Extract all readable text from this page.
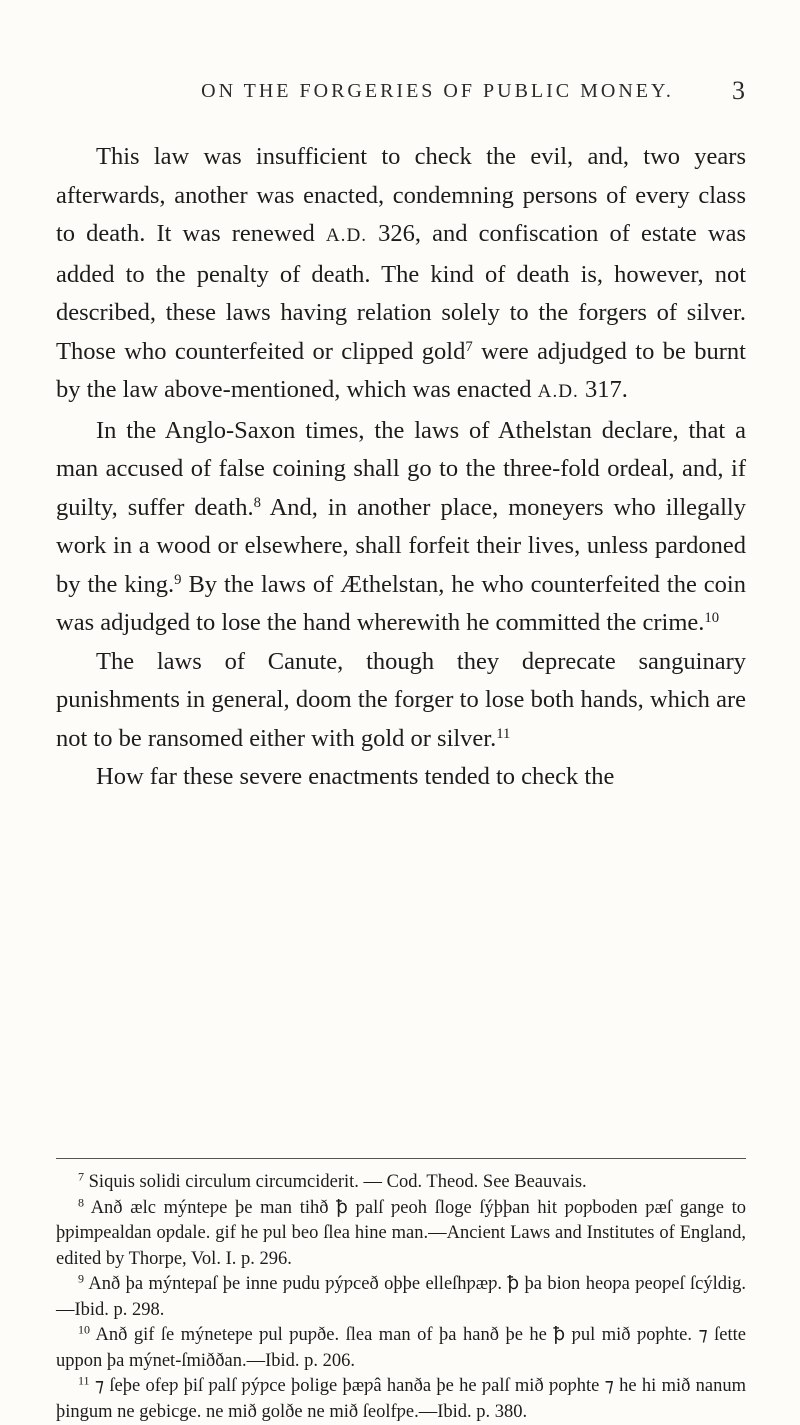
ON THE FORGERIES OF PUBLIC MONEY.	3

This law was insufficient to check the evil, and, two years afterwards, another was enacted, condemning persons of every class to death. It was renewed A.D. 326, and confiscation of estate was added to the penalty of death. The kind of death is, however, not described, these laws having relation solely to the forgers of silver. Those who counterfeited or clipped gold$^7$ were adjudged to be burnt by the law above-mentioned, which was enacted A.D. 317.

In the Anglo-Saxon times, the laws of Athelstan declare, that a man accused of false coining shall go to the three-fold ordeal, and, if guilty, suffer death.$^8$ And, in another place, moneyers who illegally work in a wood or elsewhere, shall forfeit their lives, unless pardoned by the king.$^9$ By the laws of Æthelstan, he who counterfeited the coin was adjudged to lose the hand wherewith he committed the crime.$^{10}$

The laws of Canute, though they deprecate sanguinary punishments in general, doom the forger to lose both hands, which are not to be ransomed either with gold or silver.$^{11}$

How far these severe enactments tended to check the

$^7$ Siquis solidi circulum circumciderit. — Cod. Theod. See Beauvais.

$^8$ Anð ælc mýnteƿe þe man tihð ꝥ ƿalſ ƿeoh ſloge ſýþþan hit ƿoƿboden ƿæſ gange to þƿimƿealdan oƿdale. gif he ƿul beo ſlea hine man.—Ancient Laws and Institutes of England, edited by Thorpe, Vol. I. p. 296.

$^9$ Anð þa mýnteƿaſ þe inne ƿudu ƿýƿceð oþþe elleſhƿæƿ. ꝥ þa bion heoƿa ƿeoƿeſ ſcýldig.—Ibid. p. 298.

$^{10}$ Anð gif ſe mýneteƿe ƿul ƿuƿðe. ſlea man of þa hanð þe he ꝥ ƿul mið ƿoƿhte. ⁊ ſette uppon þa mýnet-ſmiððan.—Ibid. p. 206.

$^{11}$ ⁊ ſeþe ofeƿ þiſ ƿalſ ƿýƿce þolige þæƿâ hanða þe he ƿalſ mið ƿoƿhte ⁊ he hi mið nanum þingum ne gebicge. ne mið golðe ne mið ſeolfƿe.—Ibid. p. 380.
